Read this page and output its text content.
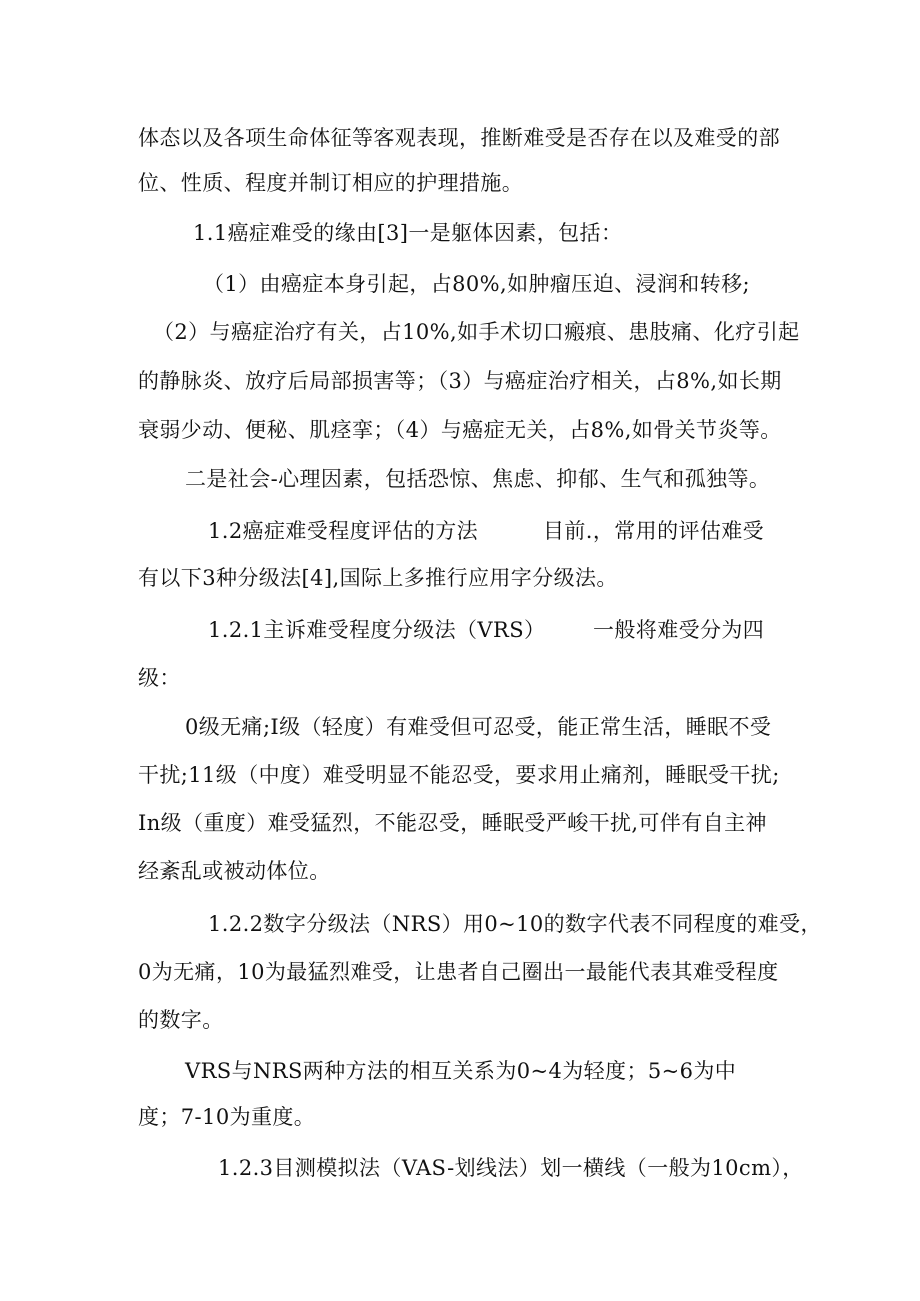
体态以及各项生命体征等客观表现，推断难受是否存在以及难受的部
位、性质、程度并制订相应的护理措施。
1.1癌症难受的缘由[3]一是躯体因素，包括：
（1）由癌症本身引起，占80%,如肿瘤压迫、浸润和转移;
（2）与癌症治疗有关，占10%,如手术切口瘢痕、患肢痛、化疗引起
的静脉炎、放疗后局部损害等；（3）与癌症治疗相关，占8%,如长期
衰弱少动、便秘、肌痉挛；（4）与癌症无关，占8%,如骨关节炎等。
二是社会-心理因素，包括恐惊、焦虑、抑郁、生气和孤独等。
1.2癌症难受程度评估的方法	目前.，常用的评估难受
有以下3种分级法[4],国际上多推行应用字分级法。
1.2.1主诉难受程度分级法（VRS） 一般将难受分为四
级：
0级无痛;I级（轻度）有难受但可忍受，能正常生活，睡眠不受
干扰;11级（中度）难受明显不能忍受，要求用止痛剂，睡眠受干扰;
In级（重度）难受猛烈，不能忍受，睡眠受严峻干扰,可伴有自主神
经紊乱或被动体位。
1.2.2数字分级法（NRS）用0~10的数字代表不同程度的难受，
0为无痛，10为最猛烈难受，让患者自己圈出一最能代表其难受程度
的数字。
VRS与NRS两种方法的相互关系为0~4为轻度；5~6为中
度；7-10为重度。
1.2.3目测模拟法（VAS-划线法）划一横线（一般为10cm），
